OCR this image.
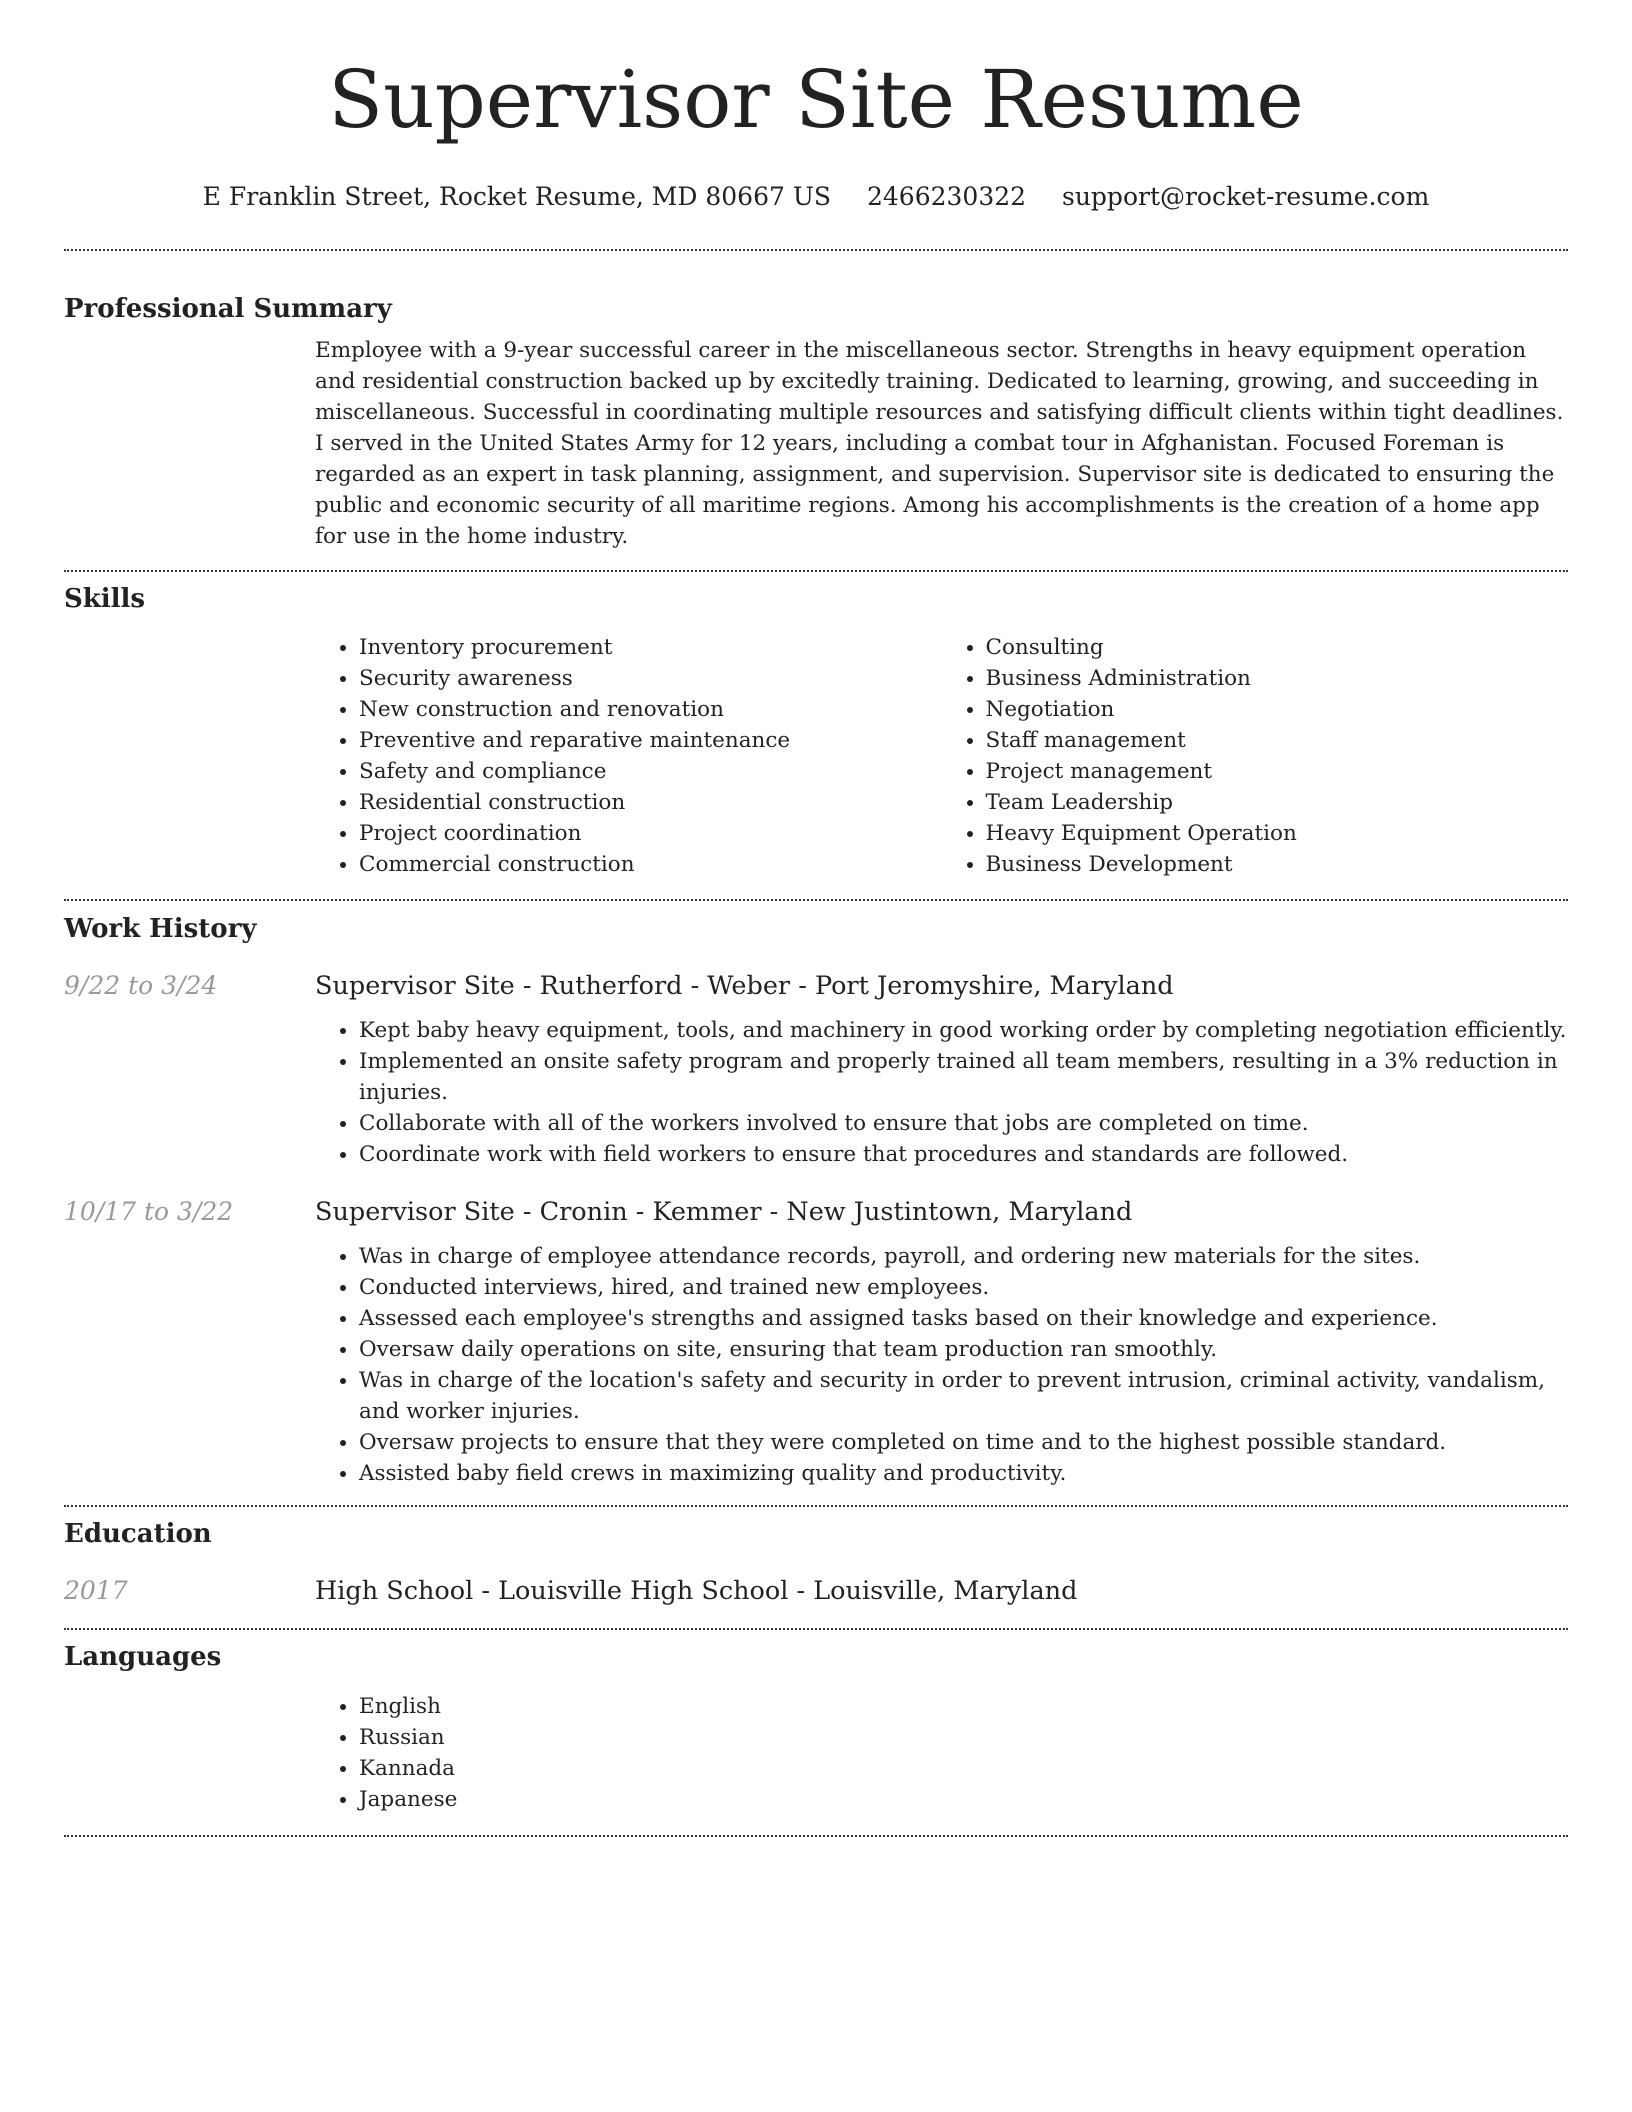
Supervisor Site Resume
E Franklin Street, Rocket Resume, MD 80667 US 2466230322 support@rocket-resume.com
Professional Summary

Employee with a 9-year successful career in the miscellaneous sector. Strengths in heavy equipment operation and residential construction backed up by excitedly training. Dedicated to learning, growing, and succeeding in miscellaneous. Successful in coordinating multiple resources and satisfying difficult clients within tight deadlines. I served in the United States Army for 12 years, including a combat tour in Afghanistan. Focused Foreman is regarded as an expert in task planning, assignment, and supervision. Supervisor site is dedicated to ensuring the public and economic security of all maritime regions. Among his accomplishments is the creation of a home app for use in the home industry.

Skills
• Inventory procurement
• Security awareness
• New construction and renovation
• Preventive and reparative maintenance
• Safety and compliance
• Residential construction
• Project coordination
• Commercial construction
• Consulting
• Business Administration
• Negotiation
• Staff management
• Project management
• Team Leadership
• Heavy Equipment Operation
• Business Development
Work History
9/22 to 3/24	Supervisor Site - Rutherford - Weber - Port Jeromyshire, Maryland
• Kept baby heavy equipment, tools, and machinery in good working order by completing negotiation efficiently.
• Implemented an onsite safety program and properly trained all team members, resulting in a 3% reduction in injuries.
• Collaborate with all of the workers involved to ensure that jobs are completed on time.
• Coordinate work with field workers to ensure that procedures and standards are followed.
10/17 to 3/22	Supervisor Site - Cronin - Kemmer - New Justintown, Maryland
• Was in charge of employee attendance records, payroll, and ordering new materials for the sites.
• Conducted interviews, hired, and trained new employees.
• Assessed each employee's strengths and assigned tasks based on their knowledge and experience.
• Oversaw daily operations on site, ensuring that team production ran smoothly.
• Was in charge of the location's safety and security in order to prevent intrusion, criminal activity, vandalism, and worker injuries.
• Oversaw projects to ensure that they were completed on time and to the highest possible standard.
• Assisted baby field crews in maximizing quality and productivity.
Education
2017	High School - Louisville High School - Louisville, Maryland
Languages
• English
• Russian
• Kannada
• Japanese
